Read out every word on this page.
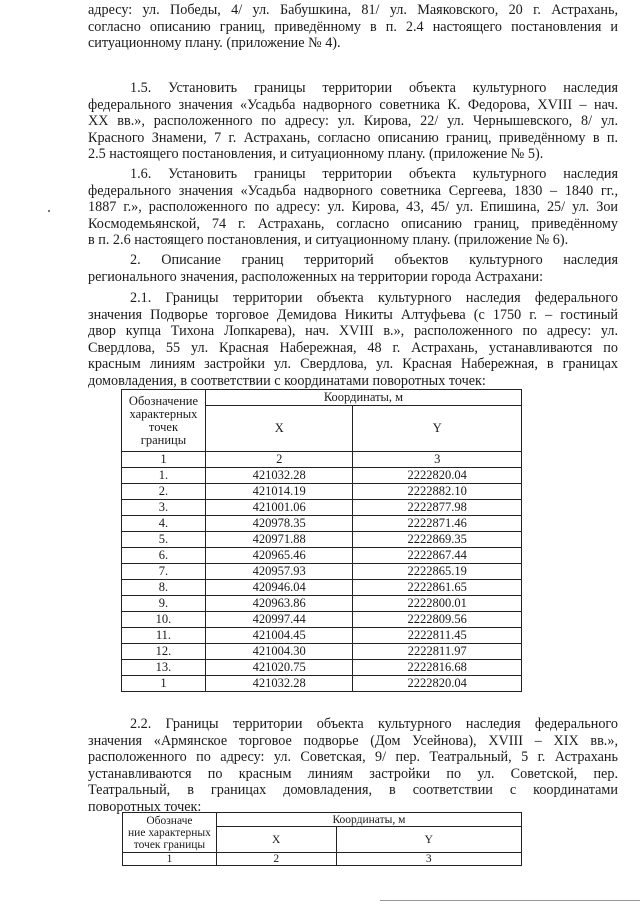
адресу: ул. Победы, 4/ ул. Бабушкина, 81/ ул. Маяковского, 20 г. Астрахань,
согласно описанию границ, приведённому в п. 2.4 настоящего постановления и
ситуационному плану. (приложение № 4).
1.5. Установить границы территории объекта культурного наследия
федерального значения «Усадьба надворного советника К. Федорова, XVIII – нач.
XX вв.», расположенного по адресу: ул. Кирова, 22/ ул. Чернышевского, 8/ ул.
Красного Знамени, 7 г. Астрахань, согласно описанию границ, приведённому в п.
2.5 настоящего постановления, и ситуационному плану. (приложение № 5).
1.6. Установить границы территории объекта культурного наследия
федерального значения «Усадьба надворного советника Сергеева, 1830 – 1840 гг.,
1887 г.», расположенного по адресу: ул. Кирова, 43, 45/ ул. Епишина, 25/ ул. Зои
Космодемьянской, 74 г. Астрахань, согласно описанию границ, приведённому
в п. 2.6 настоящего постановления, и ситуационному плану. (приложение № 6).
2. Описание границ территорий объектов культурного наследия
регионального значения, расположенных на территории города Астрахани:
2.1. Границы территории объекта культурного наследия федерального
значения Подворье торговое Демидова Никиты Алтуфьева (с 1750 г. – гостиный
двор купца Тихона Лопкарева), нач. XVIII в.», расположенного по адресу: ул.
Свердлова, 55 ул. Красная Набережная, 48 г. Астрахань, устанавливаются по
красным линиям застройки ул. Свердлова, ул. Красная Набережная, в границах
домовладения, в соответствии с координатами поворотных точек:
Обозначение
характерных
точек
границы	Координаты, м	
	X	Y
1	2	3
1.	421032.28	2222820.04
2.	421014.19	2222882.10
3.	421001.06	2222877.98
4.	420978.35	2222871.46
5.	420971.88	2222869.35
6.	420965.46	2222867.44
7.	420957.93	2222865.19
8.	420946.04	2222861.65
9.	420963.86	2222800.01
10.	420997.44	2222809.56
11.	421004.45	2222811.45
12.	421004.30	2222811.97
13.	421020.75	2222816.68
1	421032.28	2222820.04
2.2. Границы территории объекта культурного наследия федерального
значения «Армянское торговое подворье (Дом Усейнова), XVIII – XIX вв.»,
расположенного по адресу: ул. Советская, 9/ пер. Театральный, 5 г. Астрахань
устанавливаются по красным линиям застройки по ул. Советской, пер.
Театральный, в границах домовладения, в соответствии с координатами
поворотных точек:
Обозначе
ние характерных
точек границы	Координаты, м	
	X	Y
1	2	3
